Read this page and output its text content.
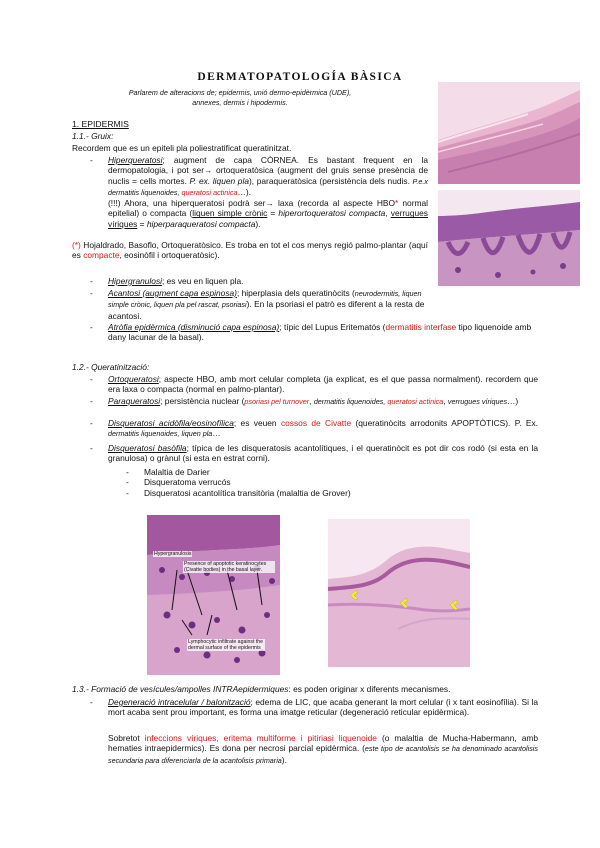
DERMATOPATOLOGÍA BÀSICA
Parlarem de alteracions de; epidermis, unió dermo-epidèrmica (UDE), annexes, dermis i hipodermis.
1. EPIDERMIS
1.1.- Gruix:
Recordem que es un epiteli pla poliestratificat queratinitzat.
- Hiperqueratosi; augment de capa CÒRNEA. Es bastant frequent en la dermopatologia, i pot ser→ ortoqueratòsica (augment del gruis sense presència de nuclis = cells mortes. P. ex. liquen pla), paraqueratòsica (persistència dels nudis. P.e.x dermatitis liquenoides, queratosi actinica…).
(!!!) Ahora, una hiperqueratosi podrà ser→ laxa (recorda al aspecte HBO* normal epitelial) o compacta (liquen simple crònic = hiperortoqueratosi compacta, verrugues víriques = hiperparaqueratosi compacta).
(*) Hojaldrado, Basoflo, Ortoqueratòsico. Es troba en tot el cos menys regió palmo-plantar (aquí es compacte, eosinòfil i ortoqueratòsic).
- Hipergranulosi; es veu en liquen pla.
- Acantosi (augment capa espinosa); hiperplasia dels queratinòcits (neurodermitis, liquen simple crònic, liquen pla pel rascat, psoriasi). En la psoriasi el patrò es diferent a la resta de acantosi.
- Atròfia epidèrmica (disminució capa espinosa); típic del Lupus Eritematós (dermatitis interfase tipo liquenoide amb dany lacunar de la basal).
1.2.- Queratinització:
- Ortoqueratosi; aspecte HBO, amb mort celular completa (ja explicat, es el que passa normalment). recordem que era laxa o compacta (normal en palmo-plantar).
- Paraqueratosi; persistència nuclear (psoriasi pel turnover, dermatitis liquenoides, queratosi actinica, verrugues víriques…)
- Disqueratosi acidòfila/eosinofílica; es veuen cossos de Civatte (queratinòcits arrodonits APOPTÒTICS). P. Ex. dermatitis liquenoides, liquen pla…
- Disqueratosi basòfila; típica de les disqueratosis acantolítiques, i el queratinòcit es pot dir cos rodó (si esta en la granulosa) o grànul (si esta en estrat corni).
- Malaltia de Darier
- Disqueratoma verrucós
- Disqueratosi acantolítica transitòria (malaltia de Grover)
Hypergranulosis
Presence of apoptotic keratinocytes (Civatte bodies) in the basal layer.
Lymphocytic infiltrate against the dermal surface of the epidermis
1.3.- Formació de vesícules/ampolles INTRAepidermiques: es poden originar x diferents mecanismes.
- Degeneració intracelular / balonització; edema de LIC, que acaba generant la mort celular (i x tant eosinofília). Si la mort acaba sent prou important, es forma una imatge reticular (degeneració reticular epidèrmica).
Sobretot infeccions víriques, eritema multiforme i pitiriasi liquenoide (o malaltia de Mucha-Habermann, amb hematies intraepidermics). Es dona per necrosi parcial epidèrmica. (este tipo de acantolisis se ha denominado acantolisis secundaria para diferenciarla de la acantolisis primaria).
